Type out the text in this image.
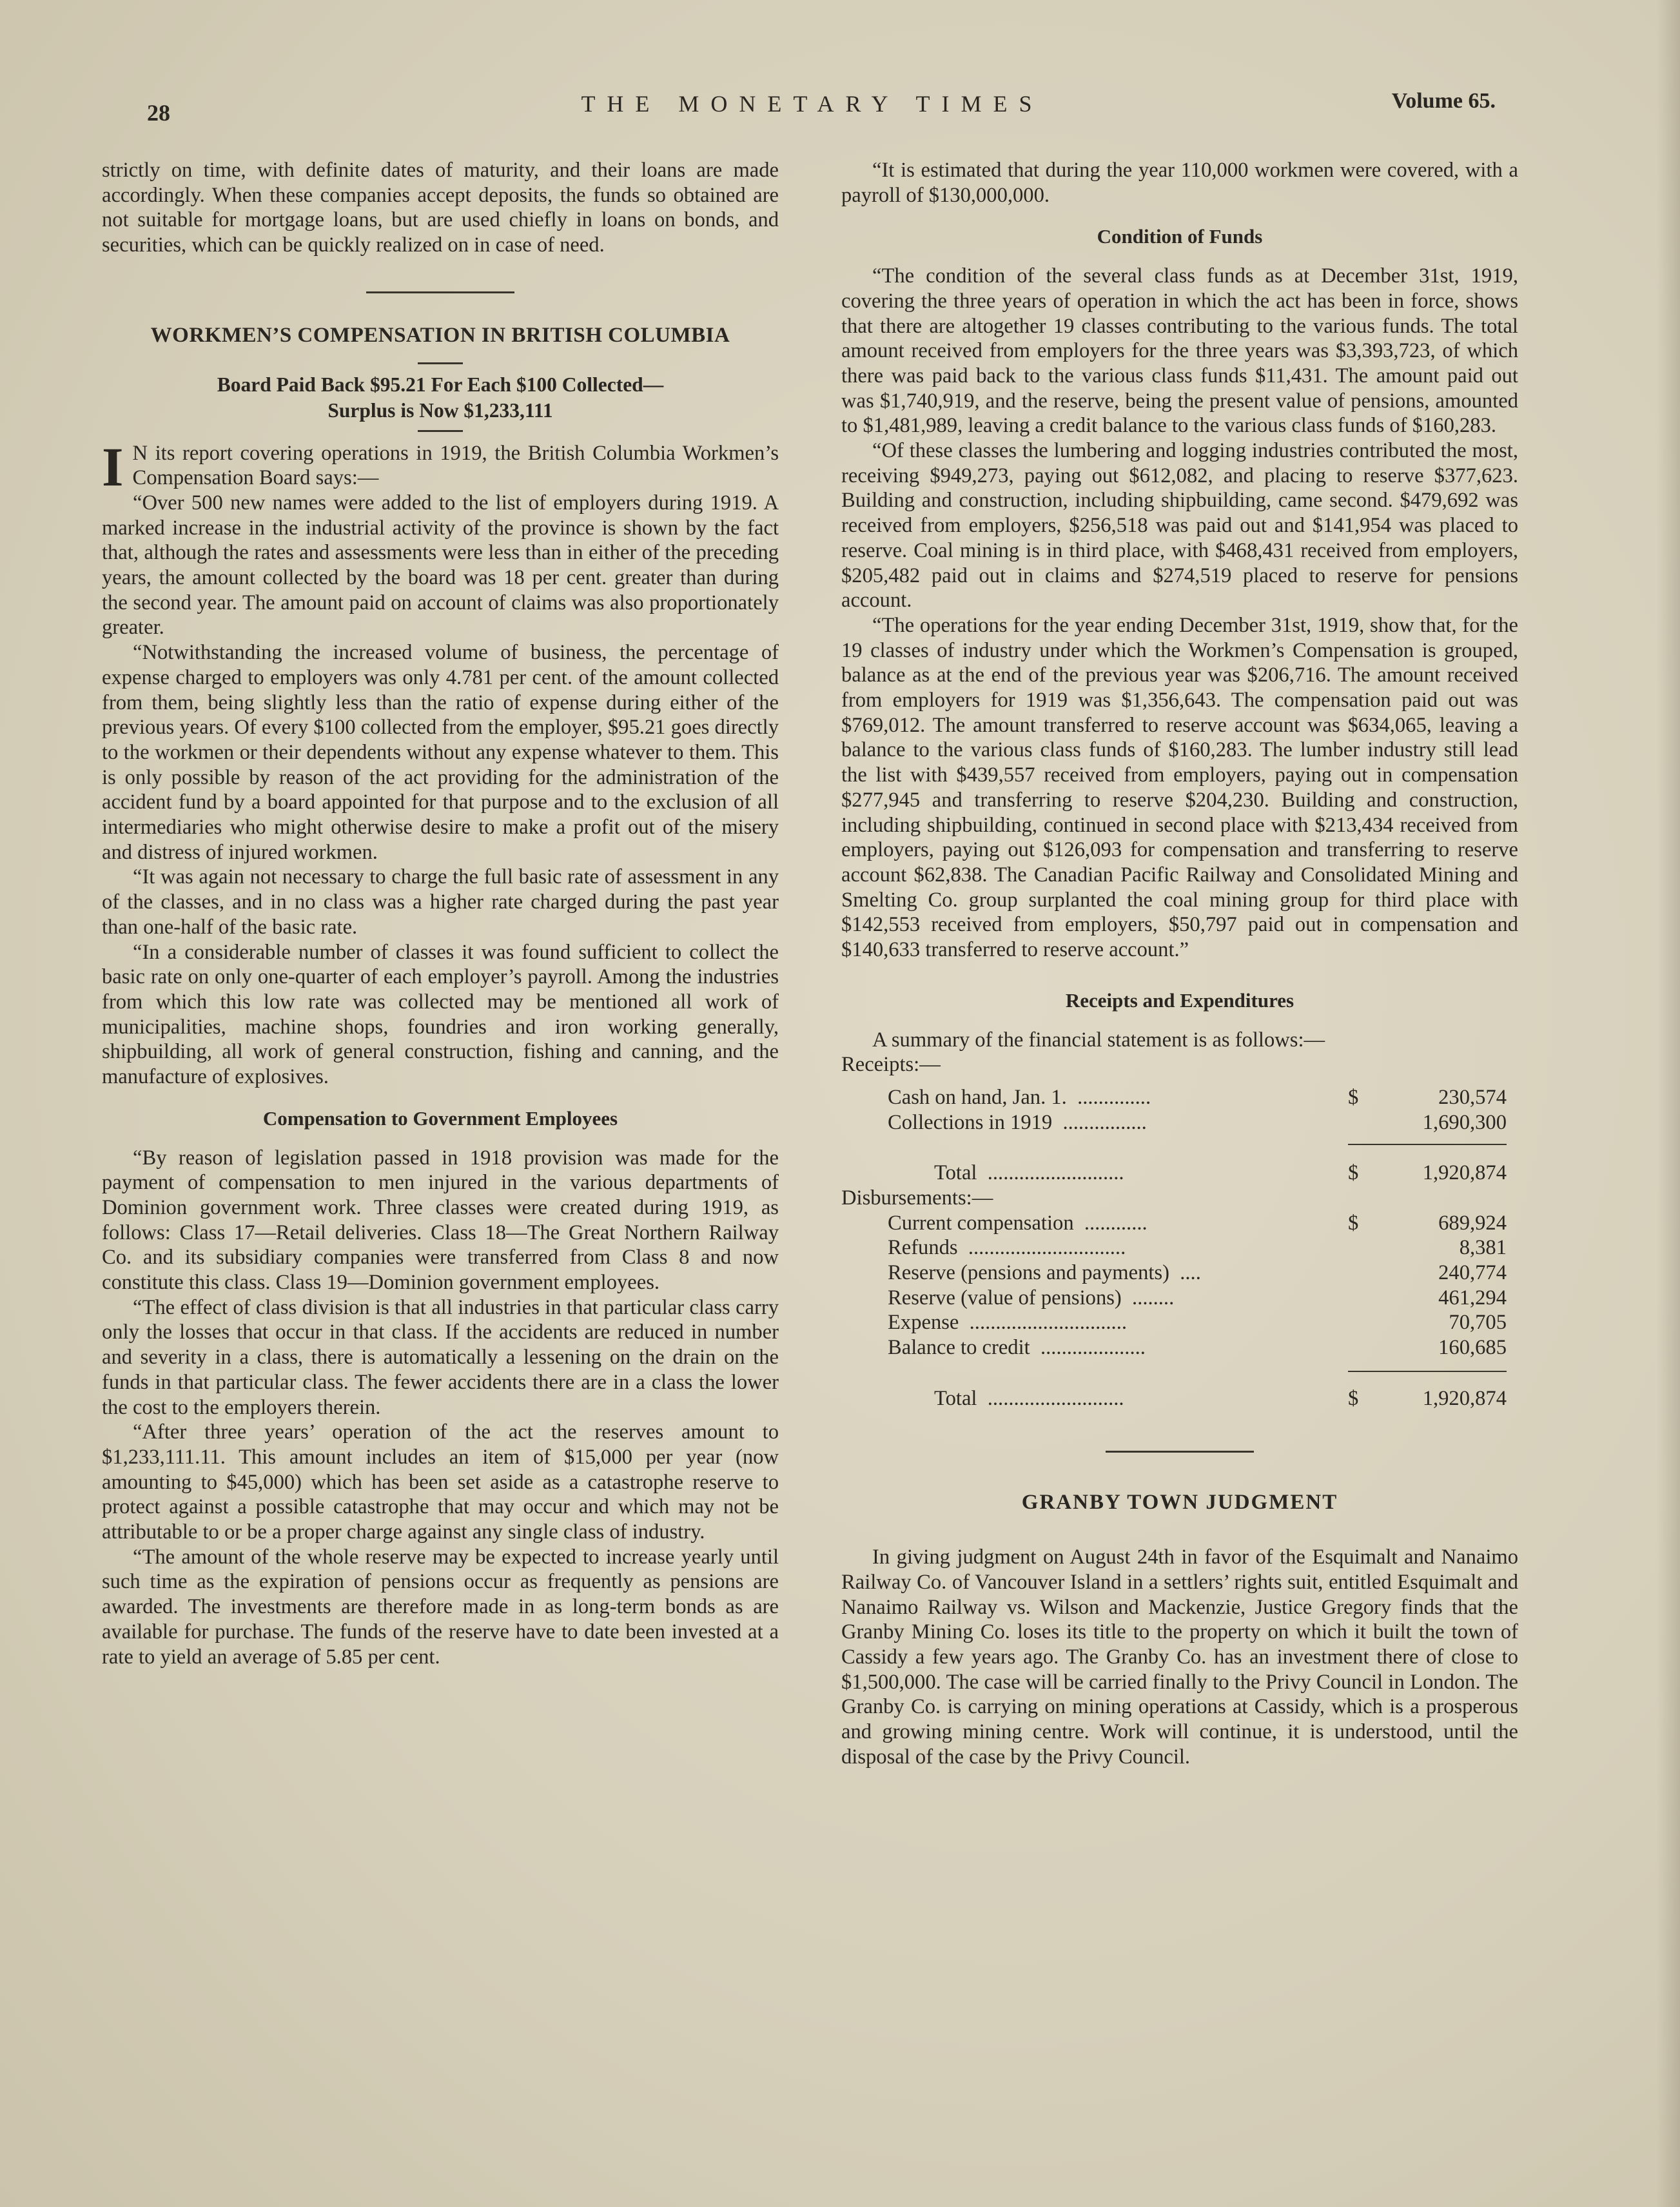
28	THE MONETARY TIMES	Volume 65.

strictly on time, with definite dates of maturity, and their loans are made accordingly. When these companies accept deposits, the funds so obtained are not suitable for mortgage loans, but are used chiefly in loans on bonds, and securities, which can be quickly realized on in case of need.

WORKMEN’S COMPENSATION IN BRITISH COLUMBIA
Board Paid Back $95.21 For Each $100 Collected—
Surplus is Now $1,233,111

I N its report covering operations in 1919, the British Columbia Workmen’s Compensation Board says:—

“Over 500 new names were added to the list of employers during 1919. A marked increase in the industrial activity of the province is shown by the fact that, although the rates and assessments were less than in either of the preceding years, the amount collected by the board was 18 per cent. greater than during the second year. The amount paid on account of claims was also proportionately greater.

“Notwithstanding the increased volume of business, the percentage of expense charged to employers was only 4.781 per cent. of the amount collected from them, being slightly less than the ratio of expense during either of the previous years. Of every $100 collected from the employer, $95.21 goes directly to the workmen or their dependents without any expense whatever to them. This is only possible by reason of the act providing for the administration of the accident fund by a board appointed for that purpose and to the exclusion of all intermediaries who might otherwise desire to make a profit out of the misery and distress of injured workmen.

“It was again not necessary to charge the full basic rate of assessment in any of the classes, and in no class was a higher rate charged during the past year than one-half of the basic rate.

“In a considerable number of classes it was found sufficient to collect the basic rate on only one-quarter of each employer’s payroll. Among the industries from which this low rate was collected may be mentioned all work of municipalities, machine shops, foundries and iron working generally, shipbuilding, all work of general construction, fishing and canning, and the manufacture of explosives.

Compensation to Government Employees

“By reason of legislation passed in 1918 provision was made for the payment of compensation to men injured in the various departments of Dominion government work. Three classes were created during 1919, as follows: Class 17—Retail deliveries. Class 18—The Great Northern Railway Co. and its subsidiary companies were transferred from Class 8 and now constitute this class. Class 19—Dominion government employees.

“The effect of class division is that all industries in that particular class carry only the losses that occur in that class. If the accidents are reduced in number and severity in a class, there is automatically a lessening on the drain on the funds in that particular class. The fewer accidents there are in a class the lower the cost to the employers therein.

“After three years’ operation of the act the reserves amount to $1,233,111.11. This amount includes an item of $15,000 per year (now amounting to $45,000) which has been set aside as a catastrophe reserve to protect against a possible catastrophe that may occur and which may not be attributable to or be a proper charge against any single class of industry.

“The amount of the whole reserve may be expected to increase yearly until such time as the expiration of pensions occur as frequently as pensions are awarded. The investments are therefore made in as long-term bonds as are available for purchase. The funds of the reserve have to date been invested at a rate to yield an average of 5.85 per cent.

“It is estimated that during the year 110,000 workmen were covered, with a payroll of $130,000,000.

Condition of Funds

“The condition of the several class funds as at December 31st, 1919, covering the three years of operation in which the act has been in force, shows that there are altogether 19 classes contributing to the various funds. The total amount received from employers for the three years was $3,393,723, of which there was paid back to the various class funds $11,431. The amount paid out was $1,740,919, and the reserve, being the present value of pensions, amounted to $1,481,989, leaving a credit balance to the various class funds of $160,283.

“Of these classes the lumbering and logging industries contributed the most, receiving $949,273, paying out $612,082, and placing to reserve $377,623. Building and construction, including shipbuilding, came second. $479,692 was received from employers, $256,518 was paid out and $141,954 was placed to reserve. Coal mining is in third place, with $468,431 received from employers, $205,482 paid out in claims and $274,519 placed to reserve for pensions account.

“The operations for the year ending December 31st, 1919, show that, for the 19 classes of industry under which the Workmen’s Compensation is grouped, balance as at the end of the previous year was $206,716. The amount received from employers for 1919 was $1,356,643. The compensation paid out was $769,012. The amount transferred to reserve account was $634,065, leaving a balance to the various class funds of $160,283. The lumber industry still lead the list with $439,557 received from employers, paying out in compensation $277,945 and transferring to reserve $204,230. Building and construction, including shipbuilding, continued in second place with $213,434 received from employers, paying out $126,093 for compensation and transferring to reserve account $62,838. The Canadian Pacific Railway and Consolidated Mining and Smelting Co. group surplanted the coal mining group for third place with $142,553 received from employers, $50,797 paid out in compensation and $140,633 transferred to reserve account.”

Receipts and Expenditures

A summary of the financial statement is as follows:—

Receipts:—
Cash on hand, Jan. 1.  ..............	$	230,574
Collections in 1919  ................	1,690,300
Total  ..........................	$	1,920,874
Disbursements:—
Current compensation  ............	$	689,924
Refunds  ..............................	8,381
Reserve (pensions and payments)  ....	240,774
Reserve (value of pensions)  ........	461,294
Expense  ..............................	70,705
Balance to credit  ....................	160,685
Total  ..........................	$	1,920,874
GRANBY TOWN JUDGMENT

In giving judgment on August 24th in favor of the Esquimalt and Nanaimo Railway Co. of Vancouver Island in a settlers’ rights suit, entitled Esquimalt and Nanaimo Railway vs. Wilson and Mackenzie, Justice Gregory finds that the Granby Mining Co. loses its title to the property on which it built the town of Cassidy a few years ago. The Granby Co. has an investment there of close to $1,500,000. The case will be carried finally to the Privy Council in London. The Granby Co. is carrying on mining operations at Cassidy, which is a prosperous and growing mining centre. Work will continue, it is understood, until the disposal of the case by the Privy Council.
